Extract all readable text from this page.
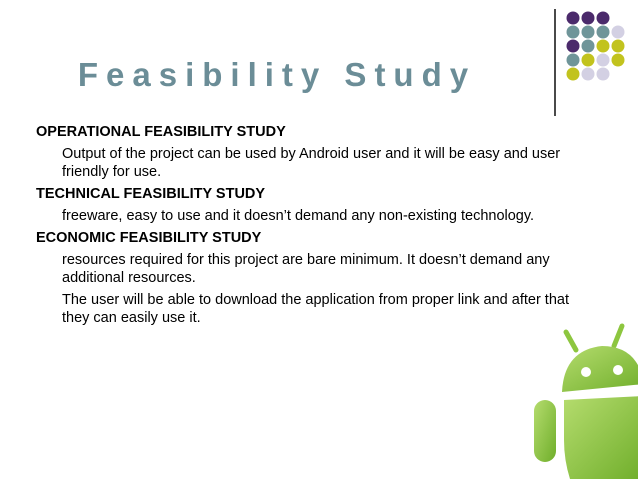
Feasibility Study
OPERATIONAL FEASIBILITY STUDY
Output of the project can be used by Android user and it will be easy and user friendly for use.
TECHNICAL FEASIBILITY STUDY
freeware, easy to use and it doesn’t demand any non-existing technology.
ECONOMIC FEASIBILITY STUDY
resources required for this project are bare minimum. It doesn’t demand any additional resources.
The user will be able to download the application from proper link and after that they can easily use it.
